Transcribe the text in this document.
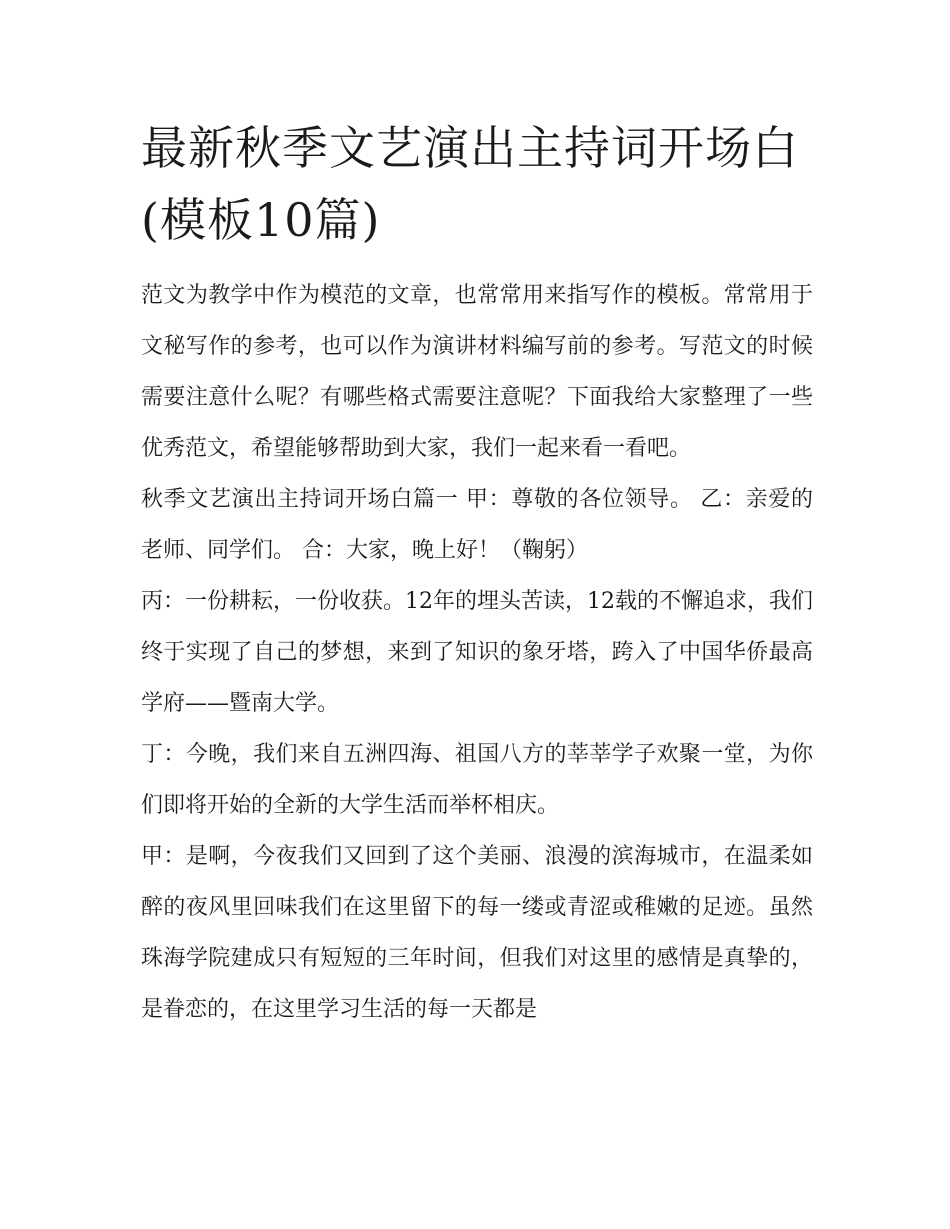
最新秋季文艺演出主持词开场白(模板10篇)

范文为教学中作为模范的文章，也常常用来指写作的模板。常常用于文秘写作的参考，也可以作为演讲材料编写前的参考。写范文的时候需要注意什么呢？有哪些格式需要注意呢？下面我给大家整理了一些优秀范文，希望能够帮助到大家，我们一起来看一看吧。

秋季文艺演出主持词开场白篇一 甲：尊敬的各位领导。 乙：亲爱的老师、同学们。 合：大家，晚上好！（鞠躬）

丙：一份耕耘，一份收获。12年的埋头苦读，12载的不懈追求，我们终于实现了自己的梦想，来到了知识的象牙塔，跨入了中国华侨最高学府——暨南大学。

丁：今晚，我们来自五洲四海、祖国八方的莘莘学子欢聚一堂，为你们即将开始的全新的大学生活而举杯相庆。

甲：是啊，今夜我们又回到了这个美丽、浪漫的滨海城市，在温柔如醉的夜风里回味我们在这里留下的每一缕或青涩或稚嫩的足迹。虽然珠海学院建成只有短短的三年时间，但我们对这里的感情是真挚的，是眷恋的，在这里学习生活的每一天都是
